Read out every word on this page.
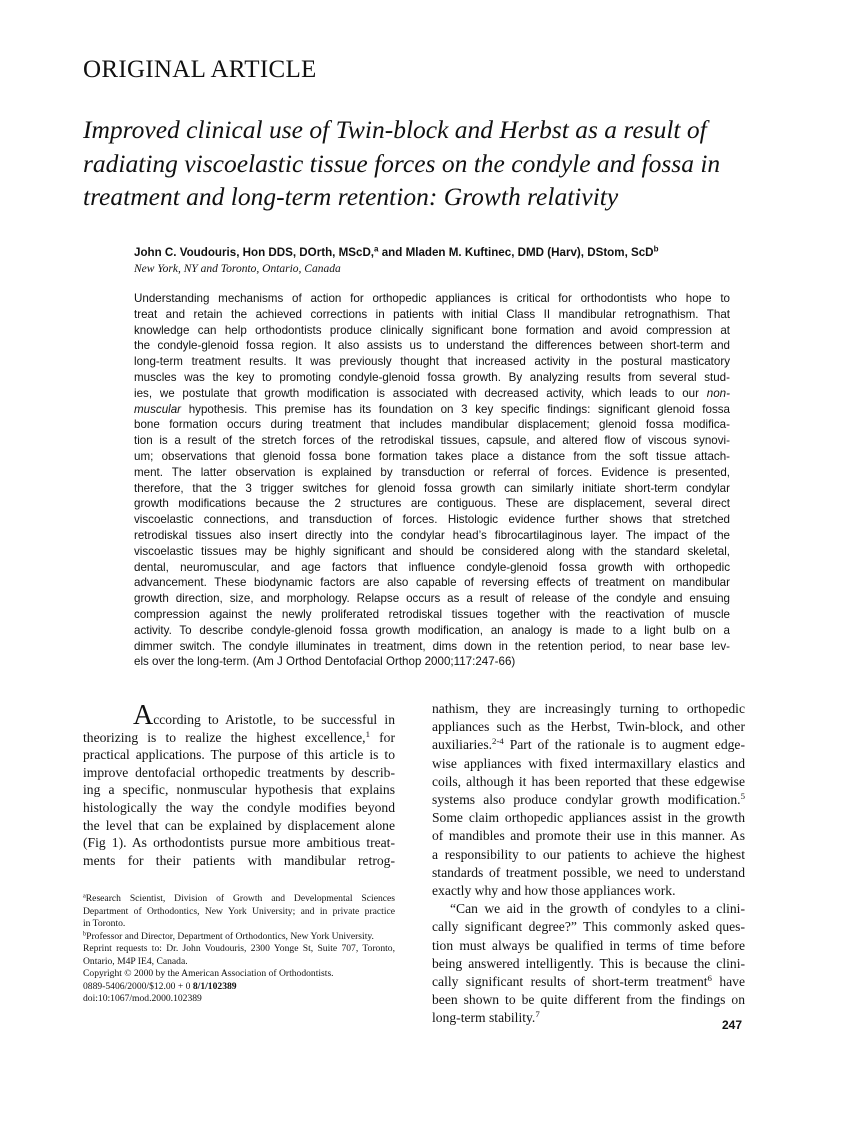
ORIGINAL ARTICLE
Improved clinical use of Twin-block and Herbst as a result of
radiating viscoelastic tissue forces on the condyle and fossa in
treatment and long-term retention: Growth relativity
John C. Voudouris, Hon DDS, DOrth, MScD,$^a$ and Mladen M. Kuftinec, DMD (Harv), DStom, ScD$^b$
New York, NY and Toronto, Ontario, Canada
Understanding mechanisms of action for orthopedic appliances is critical for orthodontists who hope to
treat and retain the achieved corrections in patients with initial Class II mandibular retrognathism. That
knowledge can help orthodontists produce clinically significant bone formation and avoid compression at
the condyle-glenoid fossa region. It also assists us to understand the differences between short-term and
long-term treatment results. It was previously thought that increased activity in the postural masticatory
muscles was the key to promoting condyle-glenoid fossa growth. By analyzing results from several stud-
ies, we postulate that growth modification is associated with decreased activity, which leads to our non-
muscular hypothesis. This premise has its foundation on 3 key specific findings: significant glenoid fossa
bone formation occurs during treatment that includes mandibular displacement; glenoid fossa modifica-
tion is a result of the stretch forces of the retrodiskal tissues, capsule, and altered flow of viscous synovi-
um; observations that glenoid fossa bone formation takes place a distance from the soft tissue attach-
ment. The latter observation is explained by transduction or referral of forces. Evidence is presented,
therefore, that the 3 trigger switches for glenoid fossa growth can similarly initiate short-term condylar
growth modifications because the 2 structures are contiguous. These are displacement, several direct
viscoelastic connections, and transduction of forces. Histologic evidence further shows that stretched
retrodiskal tissues also insert directly into the condylar head’s fibrocartilaginous layer. The impact of the
viscoelastic tissues may be highly significant and should be considered along with the standard skeletal,
dental, neuromuscular, and age factors that influence condyle-glenoid fossa growth with orthopedic
advancement. These biodynamic factors are also capable of reversing effects of treatment on mandibular
growth direction, size, and morphology. Relapse occurs as a result of release of the condyle and ensuing
compression against the newly proliferated retrodiskal tissues together with the reactivation of muscle
activity. To describe condyle-glenoid fossa growth modification, an analogy is made to a light bulb on a
dimmer switch. The condyle illuminates in treatment, dims down in the retention period, to near base lev-
els over the long-term. (Am J Orthod Dentofacial Orthop 2000;117:247-66)
According to Aristotle, to be successful in
theorizing is to realize the highest excellence,$^1$ for
practical applications. The purpose of this article is to
improve dentofacial orthopedic treatments by describ-
ing a specific, nonmuscular hypothesis that explains
histologically the way the condyle modifies beyond
the level that can be explained by displacement alone
(Fig 1). As orthodontists pursue more ambitious treat-
ments for their patients with mandibular retrog-
nathism, they are increasingly turning to orthopedic
appliances such as the Herbst, Twin-block, and other
auxiliaries.$^{2-4}$ Part of the rationale is to augment edge-
wise appliances with fixed intermaxillary elastics and
coils, although it has been reported that these edgewise
systems also produce condylar growth modification.$^5$
Some claim orthopedic appliances assist in the growth
of mandibles and promote their use in this manner. As
a responsibility to our patients to achieve the highest
standards of treatment possible, we need to understand
exactly why and how those appliances work.
“Can we aid in the growth of condyles to a clini-
cally significant degree?” This commonly asked ques-
tion must always be qualified in terms of time before
being answered intelligently. This is because the clini-
cally significant results of short-term treatment$^6$ have
been shown to be quite different from the findings on
long-term stability.$^7$
$^a$Research Scientist, Division of Growth and Developmental Sciences
Department of Orthodontics, New York University; and in private practice
in Toronto.
$^b$Professor and Director, Department of Orthodontics, New York University.
Reprint requests to: Dr. John Voudouris, 2300 Yonge St, Suite 707, Toronto,
Ontario, M4P IE4, Canada.
Copyright © 2000 by the American Association of Orthodontists.
0889-5406/2000/$12.00 + 0 8/1/102389
doi:10:1067/mod.2000.102389
247
